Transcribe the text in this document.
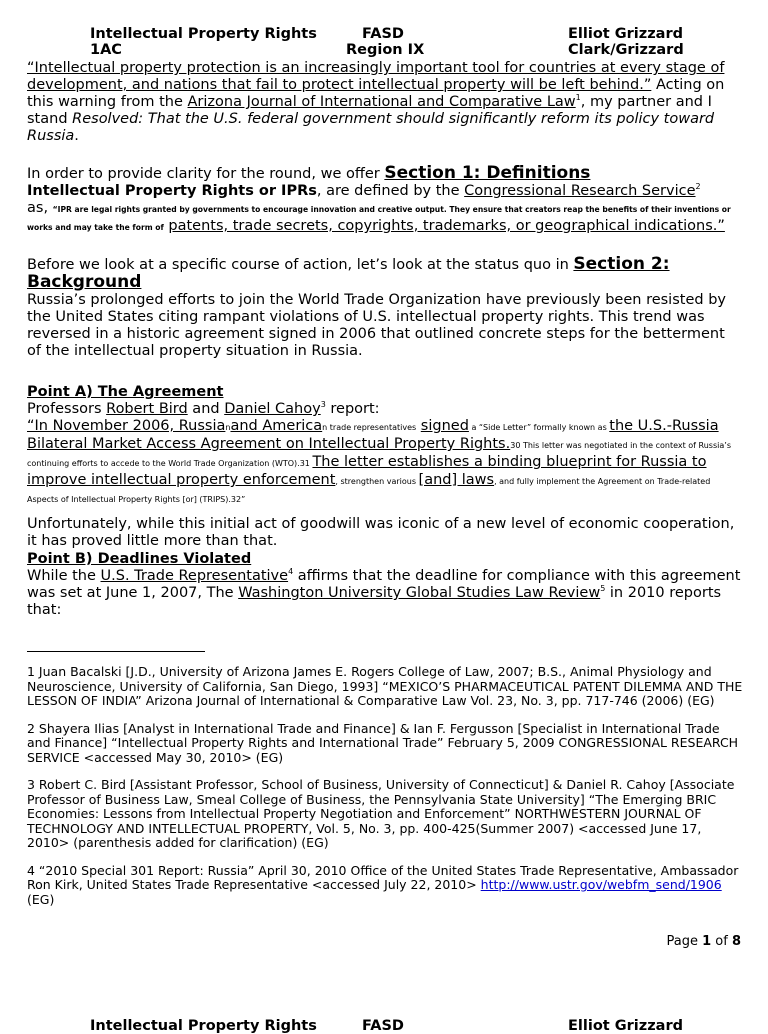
Intellectual Property Rights	FASD	Elliot Grizzard
1AC	Region IX	Clark/Grizzard

“Intellectual property protection is an increasingly important tool for countries at every stage of development, and nations that fail to protect intellectual property will be left behind.” Acting on this warning from the Arizona Journal of International and Comparative Law$^1$, my partner and I stand Resolved: That the U.S. federal government should significantly reform its policy toward Russia.

In order to provide clarity for the round, we offer Section 1: Definitions
Intellectual Property Rights or IPRs, are defined by the Congressional Research Service$^2$
as, “IPR are legal rights granted by governments to encourage innovation and creative output. They ensure that creators reap the benefits of their inventions or works and may take the form of patents, trade secrets, copyrights, trademarks, or geographical indications.”

Before we look at a specific course of action, let’s look at the status quo in Section 2: Background

Russia’s prolonged efforts to join the World Trade Organization have previously been resisted by the United States citing rampant violations of U.S. intellectual property rights. This trend was reversed in a historic agreement signed in 2006 that outlined concrete steps for the betterment of the intellectual property situation in Russia.

Point A) The Agreement

Professors Robert Bird and Daniel Cahoy$^3$ report:

“In November 2006, Russianand American trade representatives signed a “Side Letter” formally known as the U.S.-Russia Bilateral Market Access Agreement on Intellectual Property Rights.30 This letter was negotiated in the context of Russia’s continuing efforts to accede to the World Trade Organization (WTO).31 The letter establishes a binding blueprint for Russia to improve intellectual property enforcement, strengthen various [and] laws, and fully implement the Agreement on Trade-related Aspects of Intellectual Property Rights [or] (TRIPS).32”

Unfortunately, while this initial act of goodwill was iconic of a new level of economic cooperation, it has proved little more than that.

Point B) Deadlines Violated

While the U.S. Trade Representative$^4$ affirms that the deadline for compliance with this agreement was set at June 1, 2007, The Washington University Global Studies Law Review$^5$ in 2010 reports that:

1 Juan Bacalski [J.D., University of Arizona James E. Rogers College of Law, 2007; B.S., Animal Physiology and Neuroscience, University of California, San Diego, 1993] “MEXICO’S PHARMACEUTICAL PATENT DILEMMA AND THE LESSON OF INDIA” Arizona Journal of International & Comparative Law Vol. 23, No. 3, pp. 717-746 (2006) (EG)

2 Shayera Ilias [Analyst in International Trade and Finance] & Ian F. Fergusson [Specialist in International Trade and Finance] “Intellectual Property Rights and International Trade” February 5, 2009 CONGRESSIONAL RESEARCH SERVICE <accessed May 30, 2010> (EG)

3 Robert C. Bird [Assistant Professor, School of Business, University of Connecticut] & Daniel R. Cahoy [Associate Professor of Business Law, Smeal College of Business, the Pennsylvania State University] “The Emerging BRIC Economies: Lessons from Intellectual Property Negotiation and Enforcement” NORTHWESTERN JOURNAL OF TECHNOLOGY AND INTELLECTUAL PROPERTY, Vol. 5, No. 3, pp. 400-425(Summer 2007) <accessed June 17, 2010> (parenthesis added for clarification) (EG)

4 “2010 Special 301 Report: Russia” April 30, 2010 Office of the United States Trade Representative, Ambassador Ron Kirk, United States Trade Representative <accessed July 22, 2010> http://www.ustr.gov/webfm_send/1906 (EG)

Page 1 of 8
Intellectual Property Rights	FASD	Elliot Grizzard
